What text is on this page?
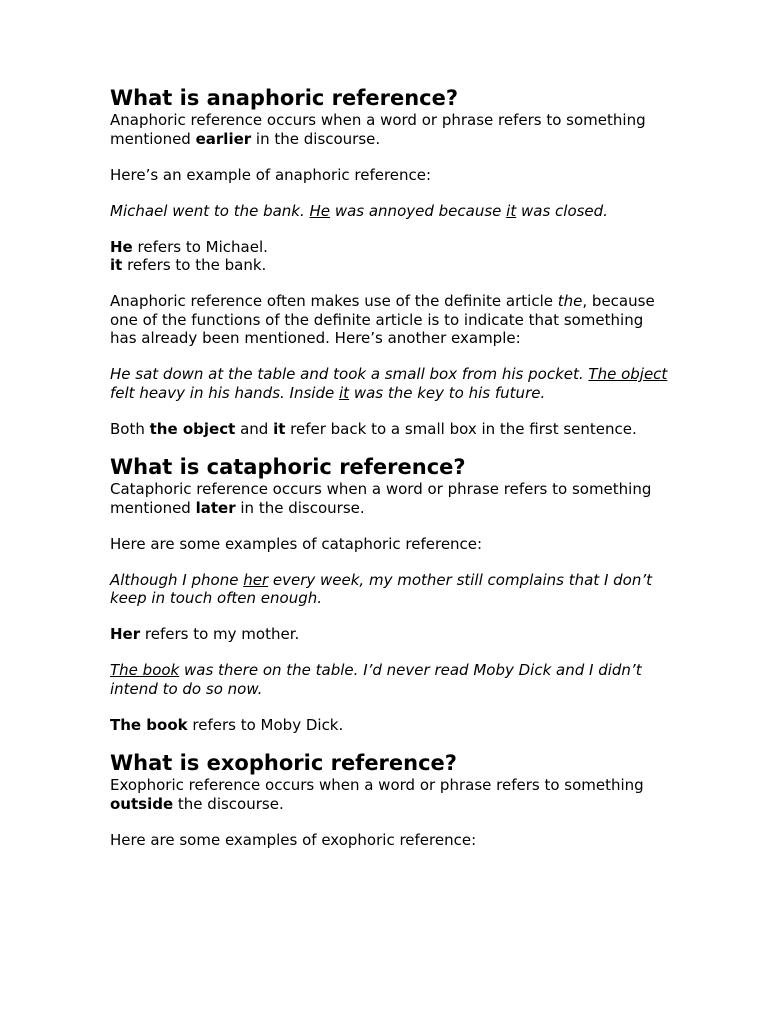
What is anaphoric reference?

Anaphoric reference occurs when a word or phrase refers to something mentioned earlier in the discourse.

Here’s an example of anaphoric reference:

Michael went to the bank. He was annoyed because it was closed.

He refers to Michael.
it refers to the bank.

Anaphoric reference often makes use of the definite article the, because one of the functions of the definite article is to indicate that something has already been mentioned. Here’s another example:

He sat down at the table and took a small box from his pocket. The object felt heavy in his hands. Inside it was the key to his future.

Both the object and it refer back to a small box in the first sentence.

What is cataphoric reference?

Cataphoric reference occurs when a word or phrase refers to something mentioned later in the discourse.

Here are some examples of cataphoric reference:

Although I phone her every week, my mother still complains that I don’t keep in touch often enough.

Her refers to my mother.

The book was there on the table. I’d never read Moby Dick and I didn’t intend to do so now.

The book refers to Moby Dick.

What is exophoric reference?

Exophoric reference occurs when a word or phrase refers to something outside the discourse.

Here are some examples of exophoric reference:
